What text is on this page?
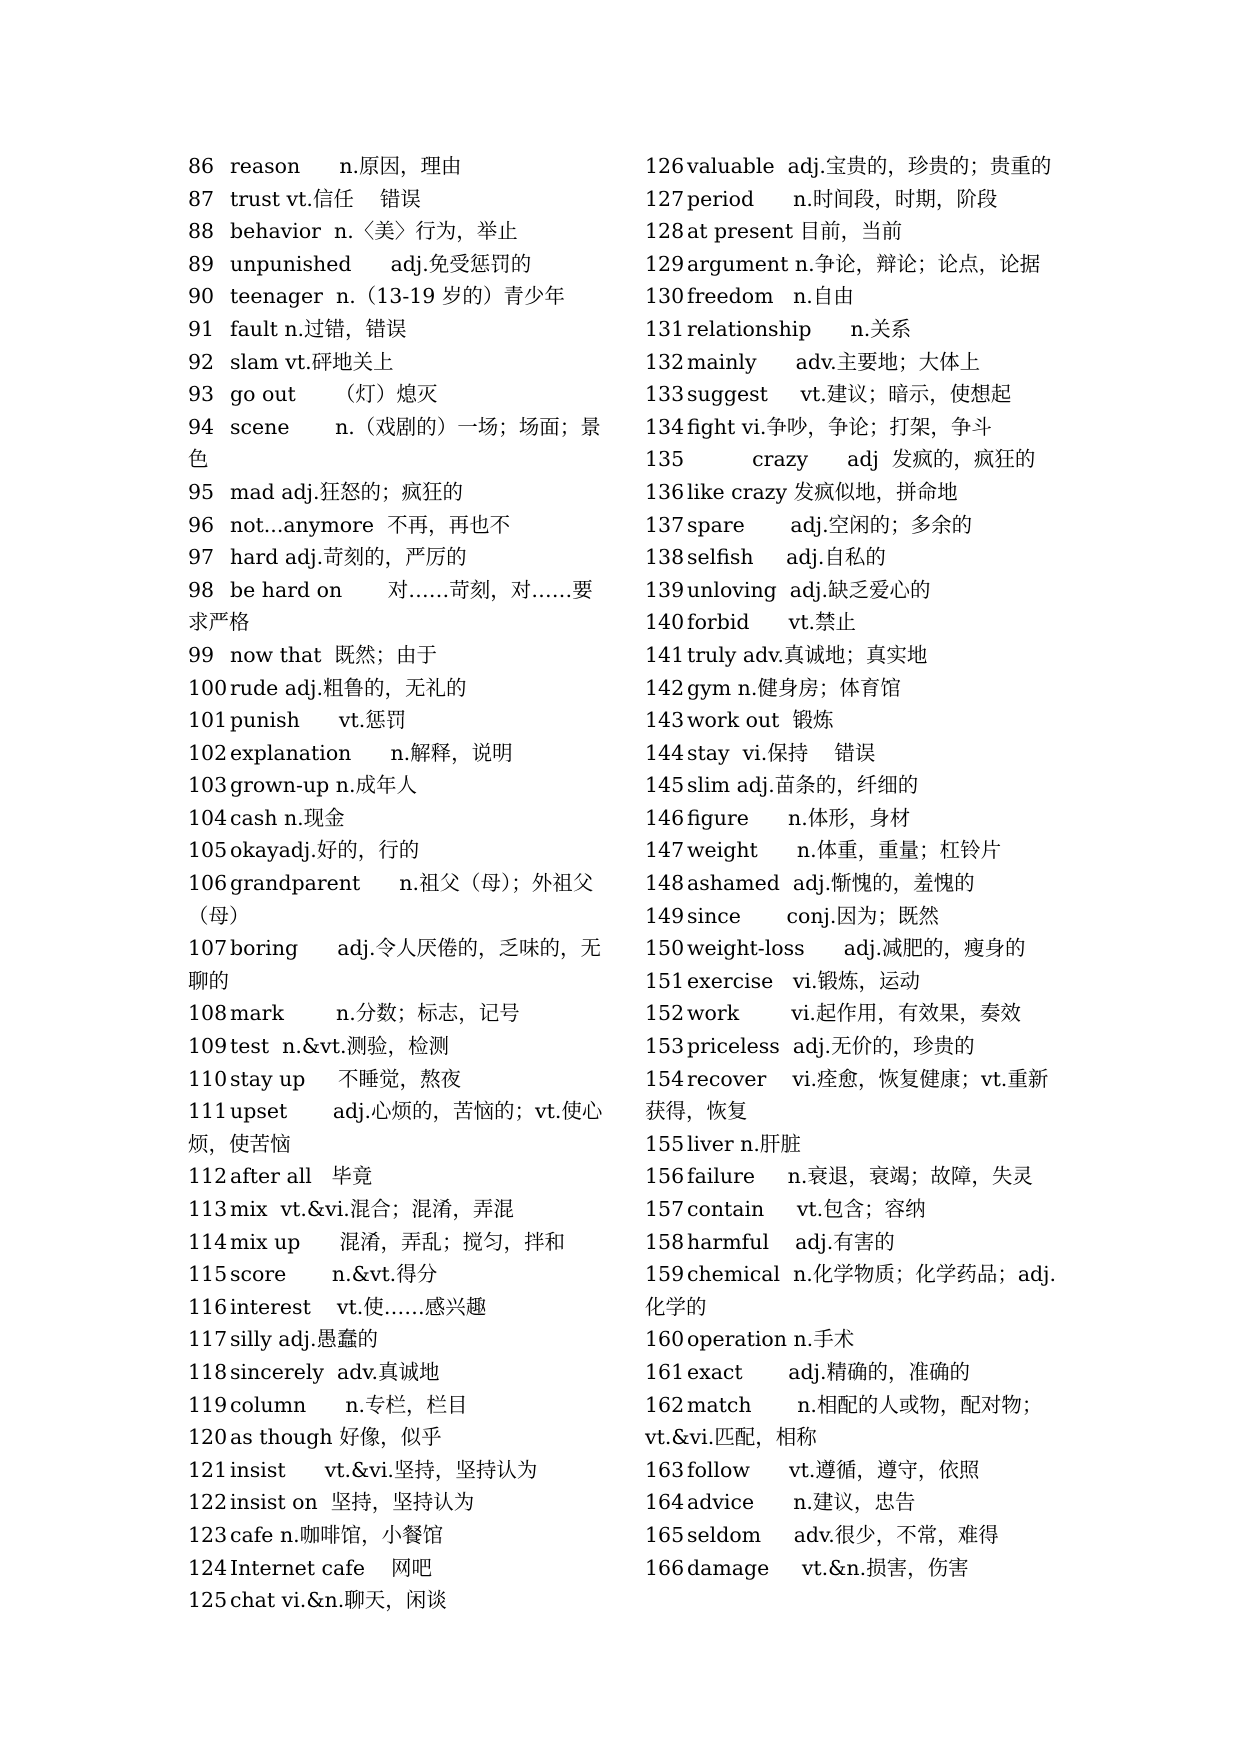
86 reason      n.原因，理由
87 trust vt.信任    错误
88 behavior  n.〈美〉行为，举止
89 unpunished      adj.免受惩罚的
90 teenager  n.（13-19 岁的）青少年
91 fault n.过错，错误
92 slam vt.砰地关上
93 go out      （灯）熄灭
94 scene       n.（戏剧的）一场；场面；景色
95 mad adj.狂怒的；疯狂的
96 not...anymore  不再，再也不
97 hard adj.苛刻的，严厉的
98 be hard on       对……苛刻，对……要求严格
99 now that  既然；由于
100 rude adj.粗鲁的，无礼的
101 punish      vt.惩罚
102 explanation      n.解释，说明
103 grown-up n.成年人
104 cash n.现金
105 okayadj.好的，行的
106 grandparent      n.祖父（母）；外祖父（母）
107 boring      adj.令人厌倦的，乏味的，无聊的
108 mark        n.分数；标志，记号
109 test  n.&vt.测验，检测
110 stay up     不睡觉，熬夜
111 upset       adj.心烦的，苦恼的；vt.使心烦，使苦恼
112 after all   毕竟
113 mix  vt.&vi.混合；混淆，弄混
114 mix up      混淆，弄乱；搅匀，拌和
115 score       n.&vt.得分
116 interest    vt.使……感兴趣
117 silly adj.愚蠢的
118 sincerely  adv.真诚地
119 column      n.专栏，栏目
120 as though 好像，似乎
121 insist      vt.&vi.坚持，坚持认为
122 insist on  坚持，坚持认为
123 cafe n.咖啡馆，小餐馆
124 Internet cafe    网吧
125 chat vi.&n.聊天，闲谈
126 valuable  adj.宝贵的，珍贵的；贵重的
127 period      n.时间段，时期，阶段
128 at present 目前，当前
129 argument n.争论，辩论；论点，论据
130 freedom   n.自由
131 relationship      n.关系
132 mainly      adv.主要地；大体上
133 suggest     vt.建议；暗示，使想起
134 fight vi.争吵，争论；打架，争斗
135          crazy      adj  发疯的，疯狂的
136 like crazy 发疯似地，拼命地
137 spare       adj.空闲的；多余的
138 selfish     adj.自私的
139 unloving  adj.缺乏爱心的
140 forbid      vt.禁止
141 truly adv.真诚地；真实地
142 gym n.健身房；体育馆
143 work out  锻炼
144 stay  vi.保持    错误
145 slim adj.苗条的，纤细的
146 figure      n.体形，身材
147 weight      n.体重，重量；杠铃片
148 ashamed  adj.惭愧的，羞愧的
149 since       conj.因为；既然
150 weight-loss      adj.减肥的，瘦身的
151 exercise   vi.锻炼，运动
152 work        vi.起作用，有效果，奏效
153 priceless  adj.无价的，珍贵的
154 recover    vi.痊愈，恢复健康；vt.重新获得，恢复
155 liver n.肝脏
156 failure     n.衰退，衰竭；故障，失灵
157 contain     vt.包含；容纳
158 harmful    adj.有害的
159 chemical  n.化学物质；化学药品；adj.化学的
160 operation n.手术
161 exact       adj.精确的，准确的
162 match       n.相配的人或物，配对物；vt.&vi.匹配，相称
163 follow      vt.遵循，遵守，依照
164 advice      n.建议，忠告
165 seldom     adv.很少，不常，难得
166 damage     vt.&n.损害，伤害
